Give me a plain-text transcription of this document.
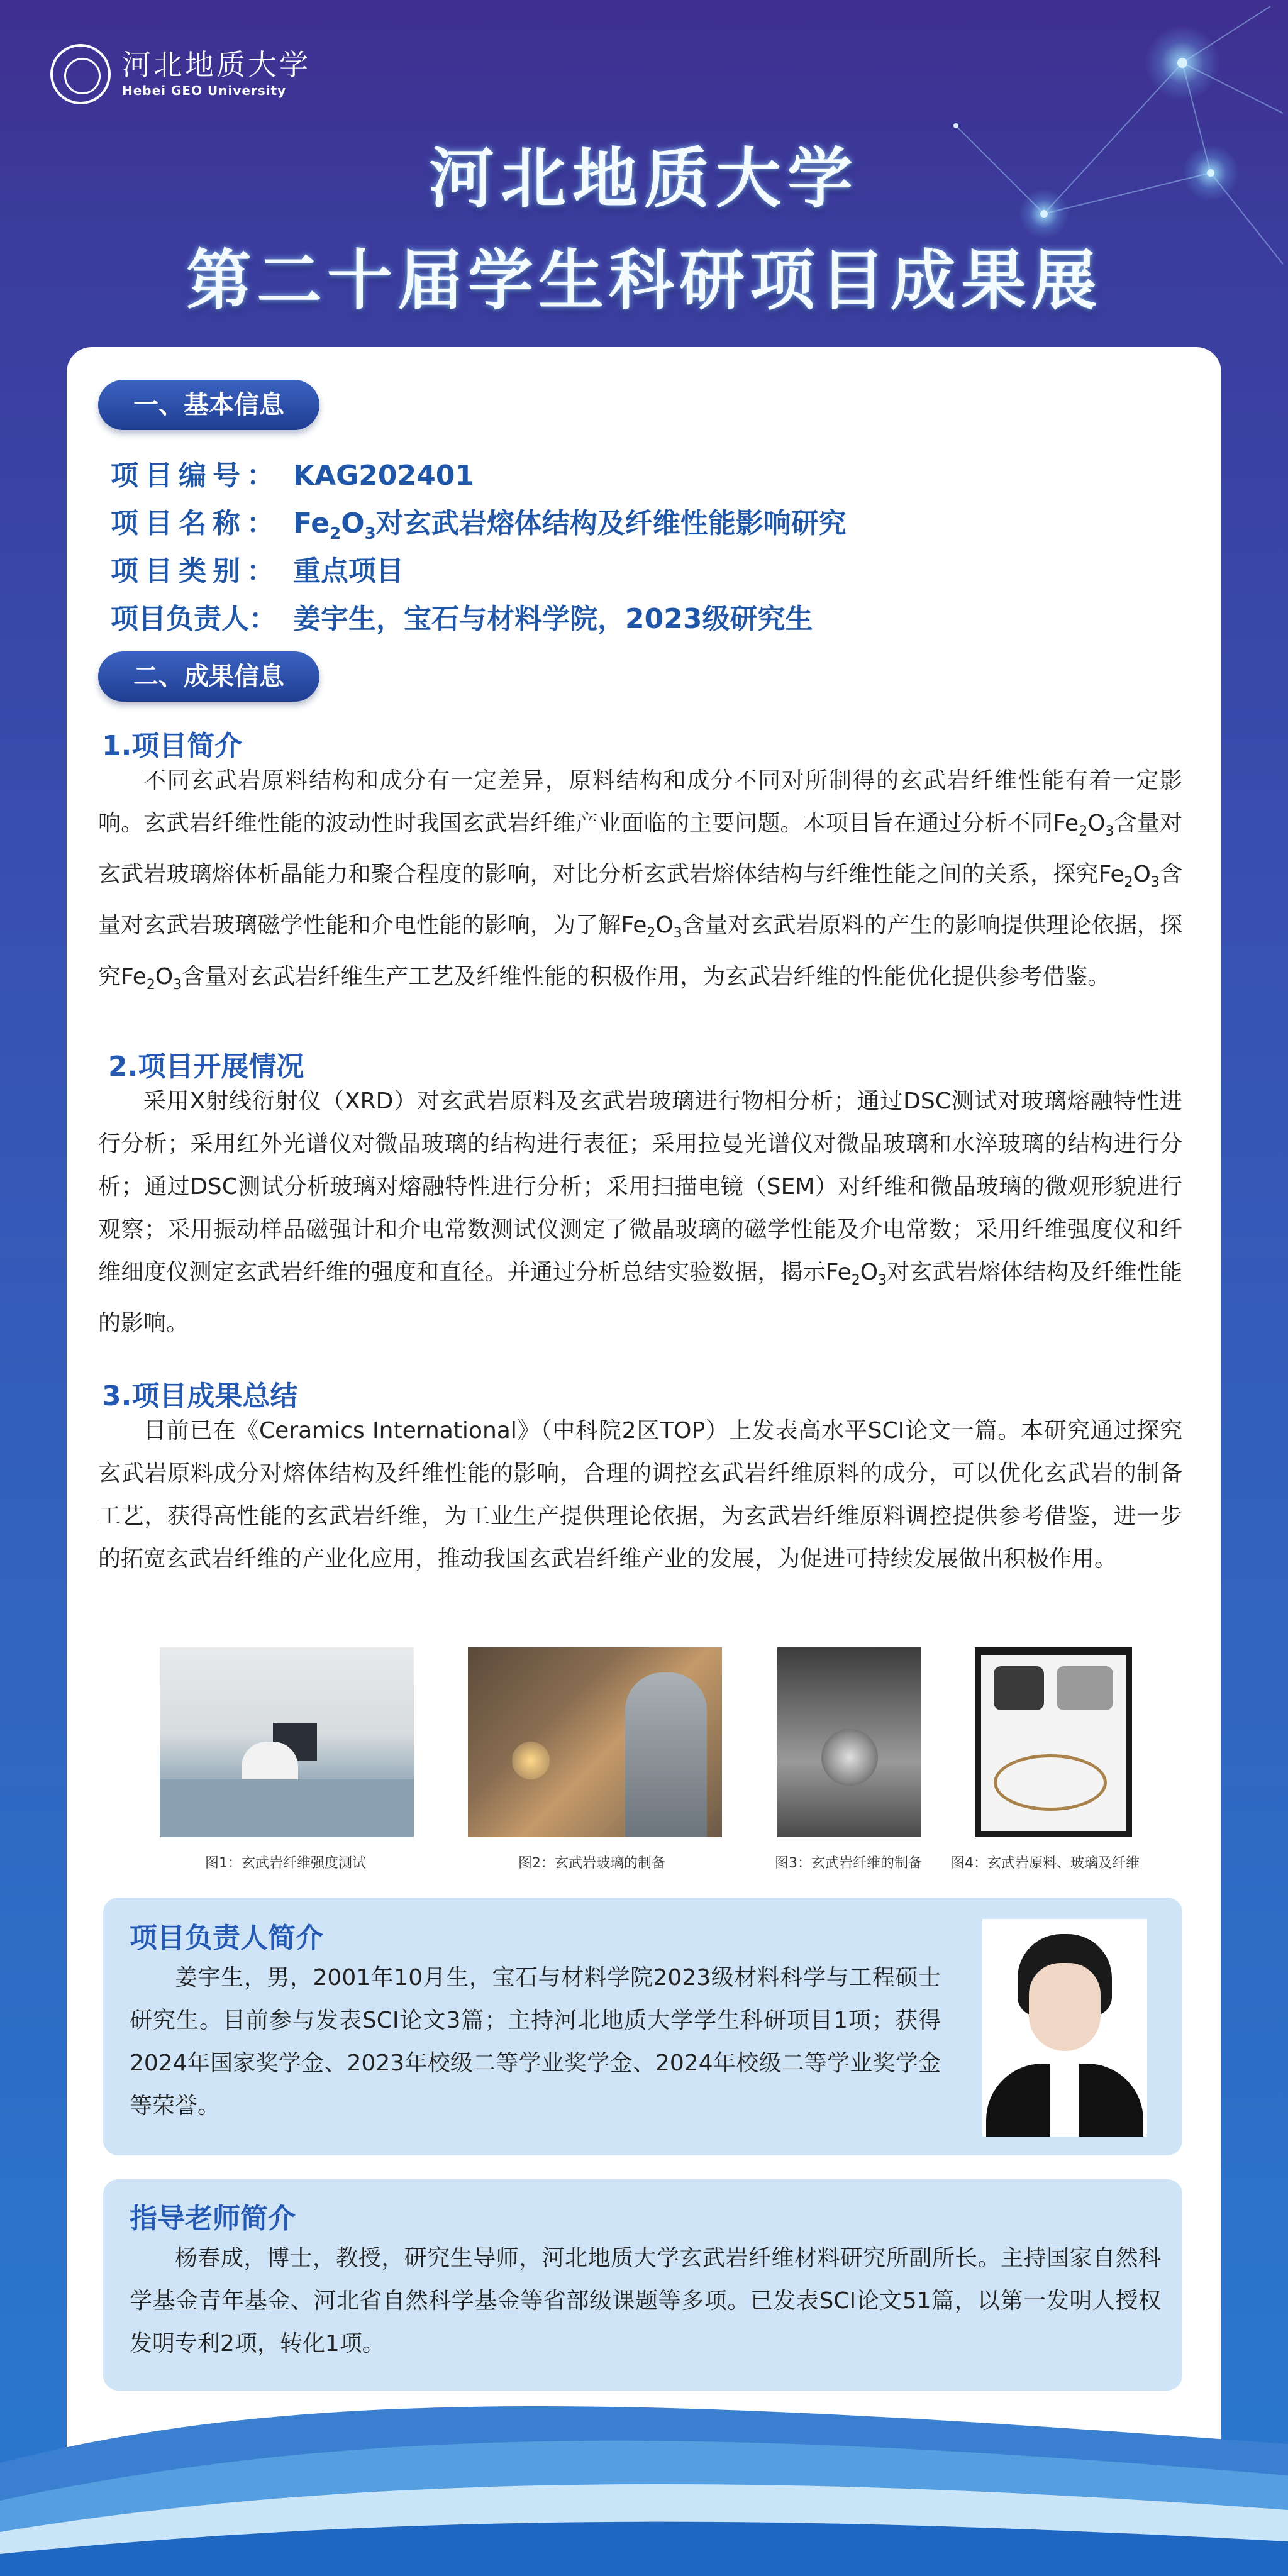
河北地质大学
Hebei GEO University
河北地质大学
第二十届学生科研项目成果展
一、基本信息
项目编号： KAG202401
项目名称： $Fe_2O_3$对玄武岩熔体结构及纤维性能影响研究
项目类别： 重点项目
项目负责人： 姜宇生，宝石与材料学院，2023级研究生
二、成果信息
1.项目简介
不同玄武岩原料结构和成分有一定差异，原料结构和成分不同对所制得的玄武岩纤维性能有着一定影响。玄武岩纤维性能的波动性时我国玄武岩纤维产业面临的主要问题。本项目旨在通过分析不同$Fe_2O_3$含量对玄武岩玻璃熔体析晶能力和聚合程度的影响，对比分析玄武岩熔体结构与纤维性能之间的关系，探究$Fe_2O_3$含量对玄武岩玻璃磁学性能和介电性能的影响，为了解$Fe_2O_3$含量对玄武岩原料的产生的影响提供理论依据，探究$Fe_2O_3$含量对玄武岩纤维生产工艺及纤维性能的积极作用，为玄武岩纤维的性能优化提供参考借鉴。
2.项目开展情况
采用X射线衍射仪（XRD）对玄武岩原料及玄武岩玻璃进行物相分析；通过DSC测试对玻璃熔融特性进行分析；采用红外光谱仪对微晶玻璃的结构进行表征；采用拉曼光谱仪对微晶玻璃和水淬玻璃的结构进行分析；通过DSC测试分析玻璃对熔融特性进行分析；采用扫描电镜（SEM）对纤维和微晶玻璃的微观形貌进行观察；采用振动样品磁强计和介电常数测试仪测定了微晶玻璃的磁学性能及介电常数；采用纤维强度仪和纤维细度仪测定玄武岩纤维的强度和直径。并通过分析总结实验数据，揭示$Fe_2O_3$对玄武岩熔体结构及纤维性能的影响。
3.项目成果总结
目前已在《Ceramics International》（中科院2区TOP）上发表高水平SCI论文一篇。本研究通过探究玄武岩原料成分对熔体结构及纤维性能的影响，合理的调控玄武岩纤维原料的成分，可以优化玄武岩的制备工艺，获得高性能的玄武岩纤维，为工业生产提供理论依据，为玄武岩纤维原料调控提供参考借鉴，进一步的拓宽玄武岩纤维的产业化应用，推动我国玄武岩纤维产业的发展，为促进可持续发展做出积极作用。
图1：玄武岩纤维强度测试	图2：玄武岩玻璃的制备	图3：玄武岩纤维的制备 图4：玄武岩原料、玻璃及纤维
项目负责人简介
姜宇生，男，2001年10月生，宝石与材料学院2023级材料科学与工程硕士研究生。目前参与发表SCI论文3篇；主持河北地质大学学生科研项目1项；获得2024年国家奖学金、2023年校级二等学业奖学金、2024年校级二等学业奖学金等荣誉。
指导老师简介
杨春成，博士，教授，研究生导师，河北地质大学玄武岩纤维材料研究所副所长。主持国家自然科学基金青年基金、河北省自然科学基金等省部级课题等多项。已发表SCI论文51篇，以第一发明人授权发明专利2项，转化1项。
